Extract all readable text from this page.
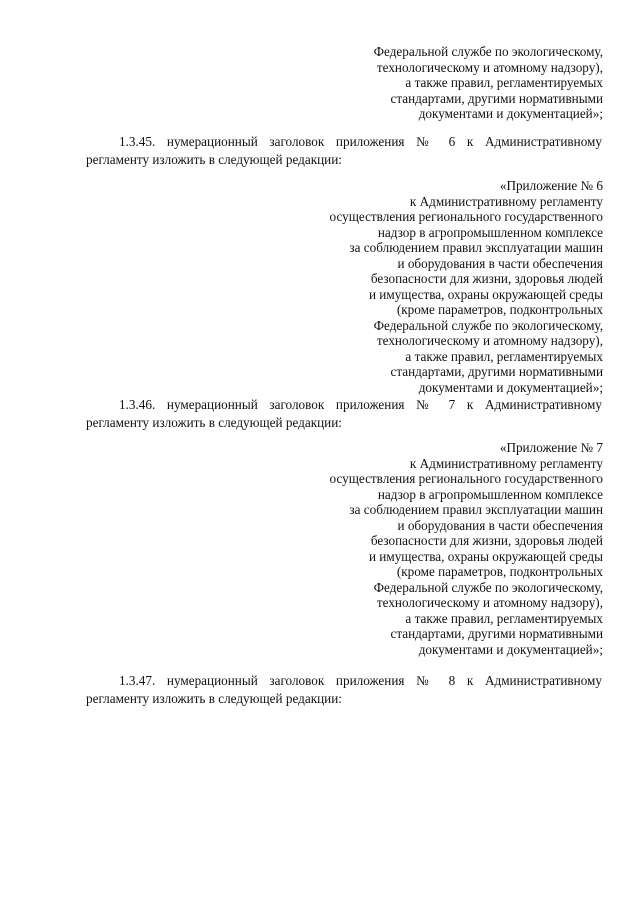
Федеральной службе по экологическому,
технологическому и атомному надзору),
а также правил, регламентируемых
стандартами, другими нормативными
документами и документацией»;
1.3.45. нумерационный заголовок приложения № 6 к Административному
регламенту изложить в следующей редакции:
«Приложение № 6
к Административному регламенту
осуществления регионального государственного
надзор в агропромышленном комплексе
за соблюдением правил эксплуатации машин
и оборудования в части обеспечения
безопасности для жизни, здоровья людей
и имущества, охраны окружающей среды
(кроме параметров, подконтрольных
Федеральной службе по экологическому,
технологическому и атомному надзору),
а также правил, регламентируемых
стандартами, другими нормативными
документами и документацией»;
1.3.46. нумерационный заголовок приложения № 7 к Административному
регламенту изложить в следующей редакции:
«Приложение № 7
к Административному регламенту
осуществления регионального государственного
надзор в агропромышленном комплексе
за соблюдением правил эксплуатации машин
и оборудования в части обеспечения
безопасности для жизни, здоровья людей
и имущества, охраны окружающей среды
(кроме параметров, подконтрольных
Федеральной службе по экологическому,
технологическому и атомному надзору),
а также правил, регламентируемых
стандартами, другими нормативными
документами и документацией»;
1.3.47. нумерационный заголовок приложения № 8 к Административному
регламенту изложить в следующей редакции:
